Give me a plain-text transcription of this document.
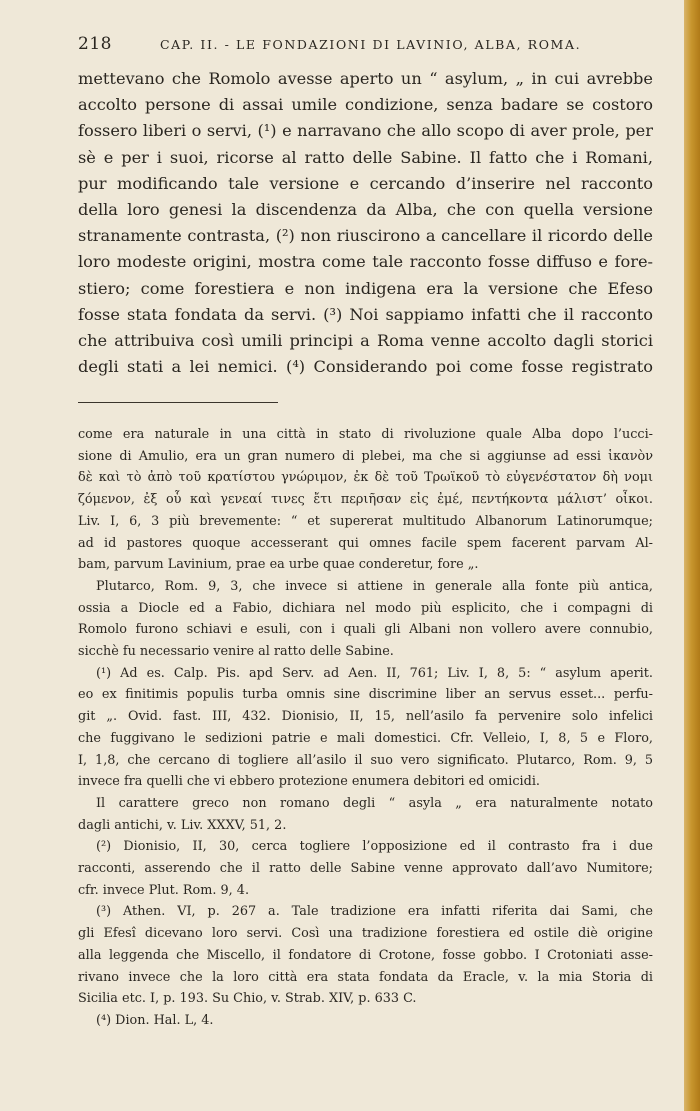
218	CAP. II. - LE FONDAZIONI DI LAVINIO, ALBA, ROMA.
mettevano che Romolo avesse aperto un “ asylum, „ in cui avrebbe
accolto persone di assai umile condizione, senza badare se costoro
fossero liberi o servi, (¹) e narravano che allo scopo di aver prole, per
sè e per i suoi, ricorse al ratto delle Sabine. Il fatto che i Romani,
pur modificando tale versione e cercando d’inserire nel racconto
della loro genesi la discendenza da Alba, che con quella versione
stranamente contrasta, (²) non riuscirono a cancellare il ricordo delle
loro modeste origini, mostra come tale racconto fosse diffuso e fore-
stiero; come forestiera e non indigena era la versione che Efeso
fosse stata fondata da servi. (³) Noi sappiamo infatti che il racconto
che attribuiva così umili principi a Roma venne accolto dagli storici
degli stati a lei nemici. (⁴) Considerando poi come fosse registrato
come era naturale in una città in stato di rivoluzione quale Alba dopo l’ucci-
sione di Amulio, era un gran numero di plebei, ma che si aggiunse ad essi ἱκανὸν
δὲ καὶ τὸ ἀπὸ τοῦ κρατίστου γνώριμον, ἐκ δὲ τοῦ Τρωϊκοῦ τὸ εὐγενέστατον δὴ νομι
ζόμενον, ἐξ οὗ καὶ γενεαί τινες ἔτι περιῆσαν εἰς ἐμέ, πεντήκοντα μάλιστ’ οἶκοι.
Liv. I, 6, 3 più brevemente: “ et supererat multitudo Albanorum Latinorumque;
ad id pastores quoque accesserant qui omnes facile spem facerent parvam Al-
bam, parvum Lavinium, prae ea urbe quae conderetur, fore „.
Plutarco, Rom. 9, 3, che invece si attiene in generale alla fonte più antica,
ossia a Diocle ed a Fabio, dichiara nel modo più esplicito, che i compagni di
Romolo furono schiavi e esuli, con i quali gli Albani non vollero avere connubio,
sicchè fu necessario venire al ratto delle Sabine.
(¹) Ad es. Calp. Pis. apd Serv. ad Aen. II, 761; Liv. I, 8, 5: “ asylum aperit.
eo ex finitimis populis turba omnis sine discrimine liber an servus esset... perfu-
git „. Ovid. fast. III, 432. Dionisio, II, 15, nell’asilo fa pervenire solo infelici
che fuggivano le sedizioni patrie e mali domestici. Cfr. Velleio, I, 8, 5 e Floro,
I, 1,8, che cercano di togliere all’asilo il suo vero significato. Plutarco, Rom. 9, 5
invece fra quelli che vi ebbero protezione enumera debitori ed omicidi.
Il carattere greco non romano degli “ asyla „ era naturalmente notato
dagli antichi, v. Liv. XXXV, 51, 2.
(²) Dionisio, II, 30, cerca togliere l’opposizione ed il contrasto fra i due
racconti, asserendo che il ratto delle Sabine venne approvato dall’avo Numitore;
cfr. invece Plut. Rom. 9, 4.
(³) Athen. VI, p. 267 a. Tale tradizione era infatti riferita dai Sami, che
gli Efesî dicevano loro servi. Così una tradizione forestiera ed ostile diè origine
alla leggenda che Miscello, il fondatore di Crotone, fosse gobbo. I Crotoniati asse-
rivano invece che la loro città era stata fondata da Eracle, v. la mia Storia di
Sicilia etc. I, p. 193. Su Chio, v. Strab. XIV, p. 633 C.
(⁴) Dion. Hal. L, 4.
